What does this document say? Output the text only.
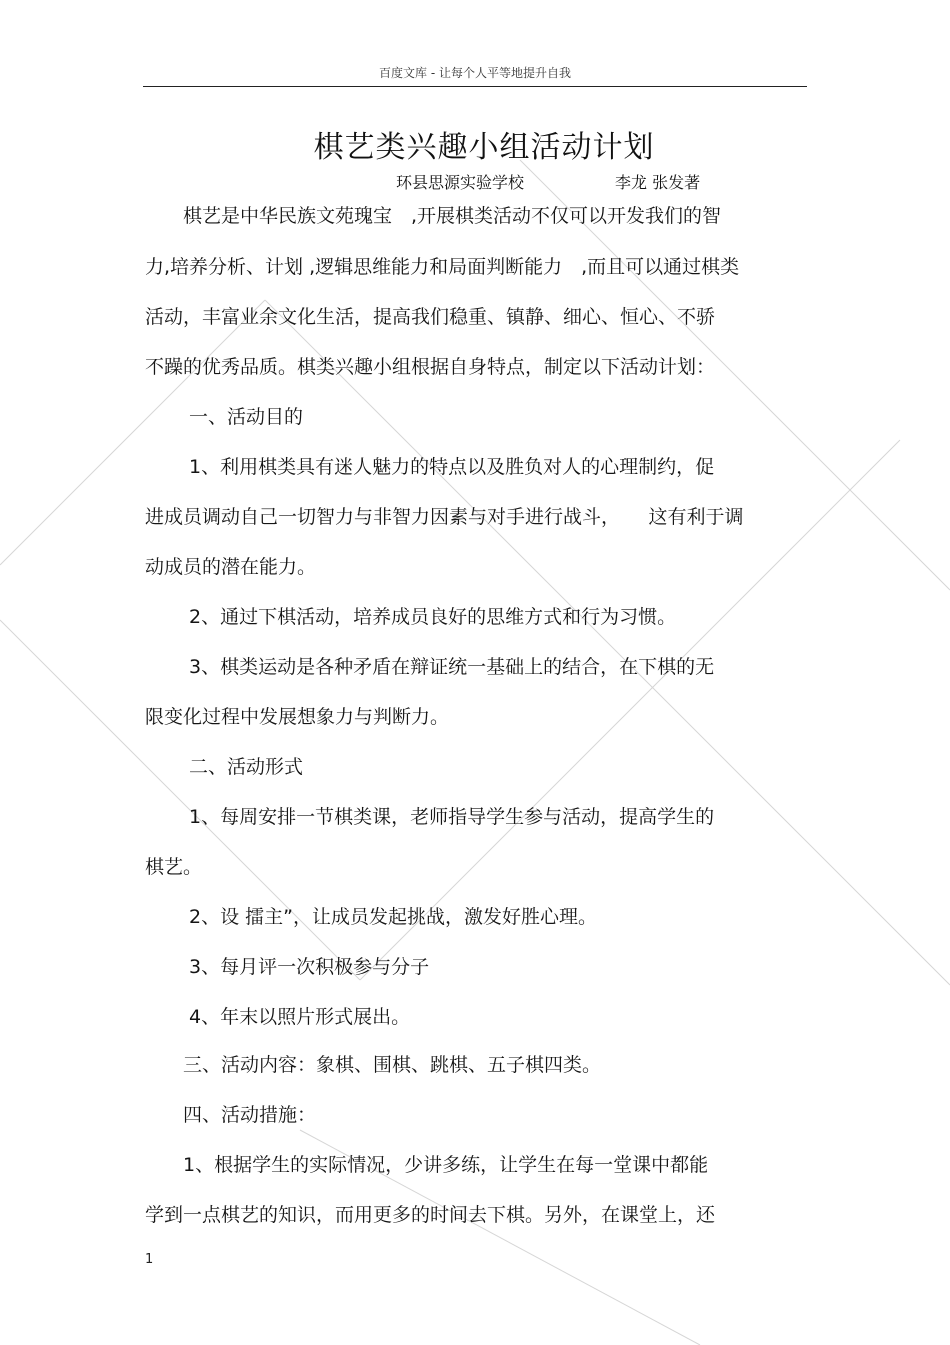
百度文库 - 让每个人平等地提升自我
棋艺类兴趣小组活动计划
环县思源实验学校	李龙 张发著
棋艺是中华民族文苑瑰宝　,开展棋类活动不仅可以开发我们的智
力,培养分析、计划 ,逻辑思维能力和局面判断能力　,而且可以通过棋类
活动，丰富业余文化生活，提高我们稳重、镇静、细心、恒心、不骄
不躁的优秀品质。棋类兴趣小组根据自身特点，制定以下活动计划：
一、活动目的
1、利用棋类具有迷人魅力的特点以及胜负对人的心理制约，促
进成员调动自己一切智力与非智力因素与对手进行战斗，　　这有利于调
动成员的潜在能力。
2、通过下棋活动，培养成员良好的思维方式和行为习惯。
3、棋类运动是各种矛盾在辩证统一基础上的结合，在下棋的无
限变化过程中发展想象力与判断力。
二、活动形式
1、每周安排一节棋类课，老师指导学生参与活动，提高学生的
棋艺。
2、设 擂主”，让成员发起挑战，激发好胜心理。
3、每月评一次积极参与分子
4、年末以照片形式展出。
三、活动内容：象棋、围棋、跳棋、五子棋四类。
四、活动措施：
1、根据学生的实际情况，少讲多练，让学生在每一堂课中都能
学到一点棋艺的知识，而用更多的时间去下棋。另外，在课堂上，还
1
